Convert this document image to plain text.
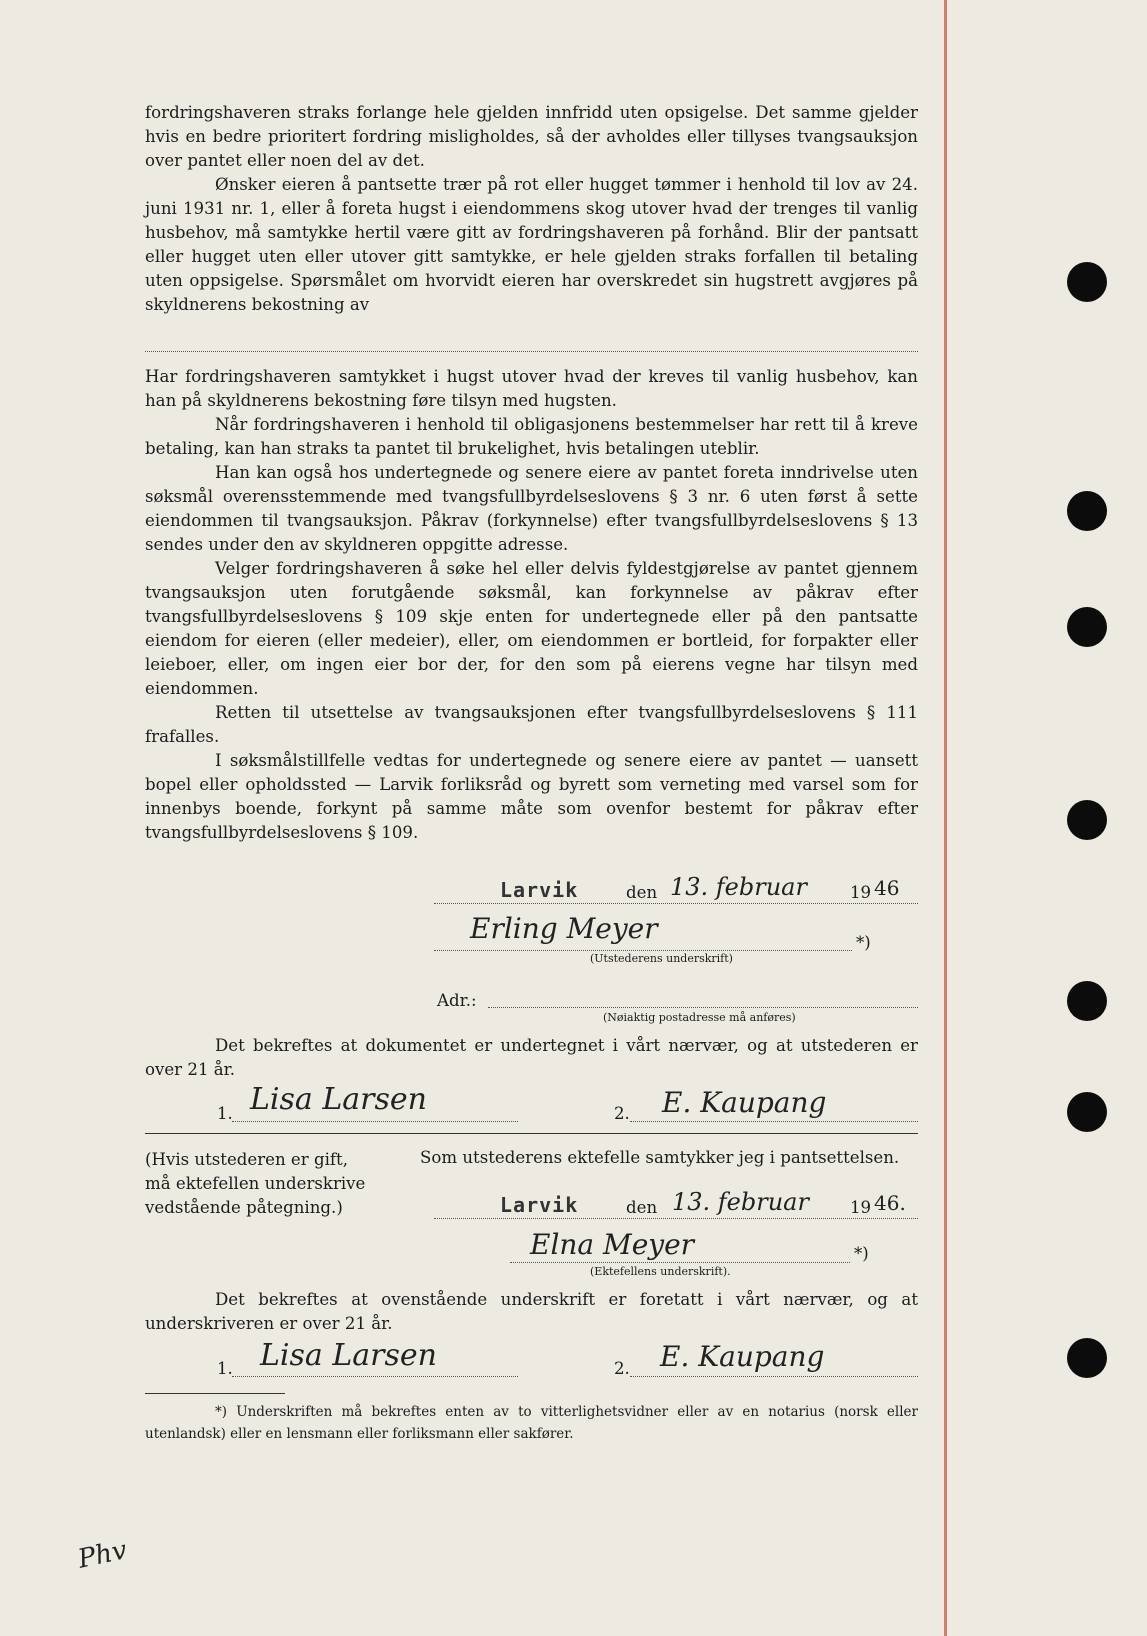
fordringshaveren straks forlange hele gjelden innfridd uten opsigelse. Det samme gjelder hvis en bedre prioritert fordring misligholdes, så der avholdes eller tillyses tvangsauksjon over pantet eller noen del av det.

Ønsker eieren å pantsette trær på rot eller hugget tømmer i henhold til lov av 24. juni 1931 nr. 1, eller å foreta hugst i eiendommens skog utover hvad der trenges til vanlig husbehov, må samtykke hertil være gitt av fordringshaveren på forhånd. Blir der pantsatt eller hugget uten eller utover gitt samtykke, er hele gjelden straks forfallen til betaling uten oppsigelse. Spørsmålet om hvorvidt eieren har overskredet sin hugstrett avgjøres på skyldnerens bekostning av

Har fordringshaveren samtykket i hugst utover hvad der kreves til vanlig husbehov, kan han på skyldnerens bekostning føre tilsyn med hugsten.

Når fordringshaveren i henhold til obligasjonens bestemmelser har rett til å kreve betaling, kan han straks ta pantet til brukelighet, hvis betalingen uteblir.

Han kan også hos undertegnede og senere eiere av pantet foreta inndrivelse uten søksmål overensstemmende med tvangsfullbyrdelseslovens § 3 nr. 6 uten først å sette eiendommen til tvangsauksjon. Påkrav (forkynnelse) efter tvangsfullbyrdelseslovens § 13 sendes under den av skyldneren oppgitte adresse.

Velger fordringshaveren å søke hel eller delvis fyldestgjørelse av pantet gjennem tvangsauksjon uten forutgående søksmål, kan forkynnelse av påkrav efter tvangsfullbyrdelseslovens § 109 skje enten for undertegnede eller på den pantsatte eiendom for eieren (eller medeier), eller, om eiendommen er bortleid, for forpakter eller leieboer, eller, om ingen eier bor der, for den som på eierens vegne har tilsyn med eiendommen.

Retten til utsettelse av tvangsauksjonen efter tvangsfullbyrdelseslovens § 111 frafalles.

I søksmålstillfelle vedtas for undertegnede og senere eiere av pantet — uansett bopel eller opholdssted — Larvik forliksråd og byrett som verneting med varsel som for innenbys boende, forkynt på samme måte som ovenfor bestemt for påkrav efter tvangsfullbyrdelseslovens § 109.

Larvik	den 13. februar	19 46
Erling Meyer	*)
(Utstederens underskrift)
Adr.:
(Nøiaktig postadresse må anføres)

Det bekreftes at dokumentet er undertegnet i vårt nærvær, og at utstederen er over 21 år.

1. Lisa Larsen	2. E. Kaupang
(Hvis utstederen er gift,
må ektefellen underskrive
vedstående påtegning.)
Som utstederens ektefelle samtykker jeg i pantsettelsen.
Larvik	den 13. februar 19 46.
Elna Meyer	*)
(Ektefellens underskrift).

Det bekreftes at ovenstående underskrift er foretatt i vårt nærvær, og at underskriveren er over 21 år.

1. Lisa Larsen	2. E. Kaupang

*) Underskriften må bekreftes enten av to vitterlighetsvidner eller av en notarius (norsk eller utenlandsk) eller en lensmann eller forliksmann eller sakfører.

Phv
